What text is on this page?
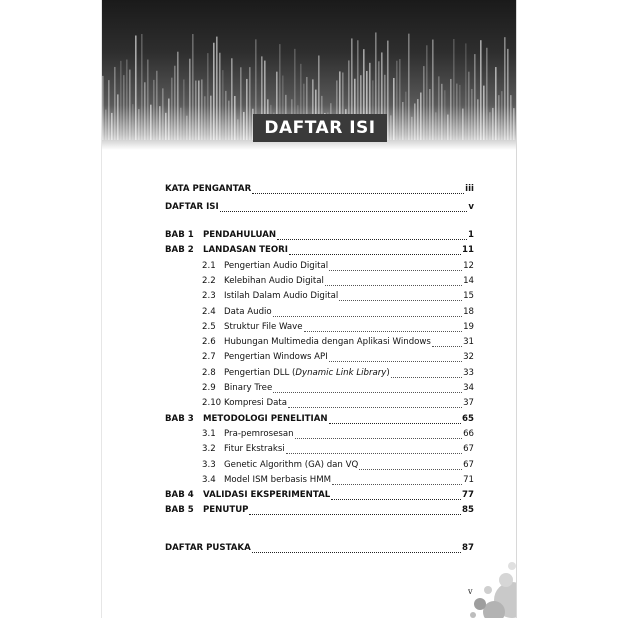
DAFTAR ISI
KATA PENGANTAR	iii
DAFTAR ISI	v
BAB 1	PENDAHULUAN	1
BAB 2	LANDASAN TEORI	11
2.1 Pengertian Audio Digital	12
2.2 Kelebihan Audio Digital	14
2.3 Istilah Dalam Audio Digital	15
2.4 Data Audio	18
2.5 Struktur File Wave	19
2.6 Hubungan Multimedia dengan Aplikasi Windows	31
2.7 Pengertian Windows API	32
2.8 Pengertian DLL (Dynamic Link Library)	33
2.9 Binary Tree	34
2.10 Kompresi Data	37
BAB 3	METODOLOGI PENELITIAN	65
3.1 Pra-pemrosesan	66
3.2 Fitur Ekstraksi	67
3.3 Genetic Algorithm (GA) dan VQ	67
3.4 Model ISM berbasis HMM	71
BAB 4	VALIDASI EKSPERIMENTAL	77
BAB 5	PENUTUP	85
DAFTAR PUSTAKA	87
v
